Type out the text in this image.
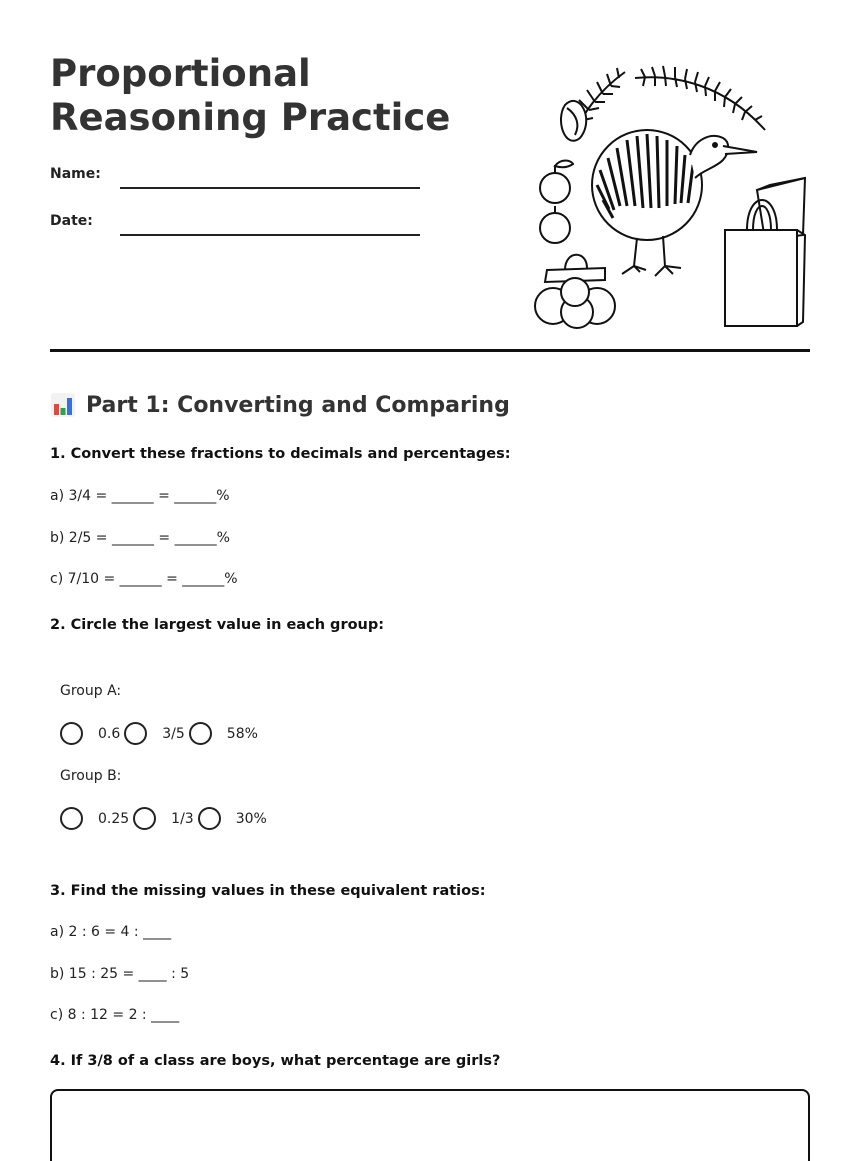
Proportional Reasoning Practice
Name:
Date:
Part 1: Converting and Comparing
1. Convert these fractions to decimals and percentages:
a) 3/4 = ______ = ______%
b) 2/5 = ______ = ______%
c) 7/10 = ______ = ______%
2. Circle the largest value in each group:
Group A:
0.6	3/5	58%
Group B:
0.25	1/3	30%
3. Find the missing values in these equivalent ratios:
a) 2 : 6 = 4 : ____
b) 15 : 25 = ____ : 5
c) 8 : 12 = 2 : ____
4. If 3/8 of a class are boys, what percentage are girls?
